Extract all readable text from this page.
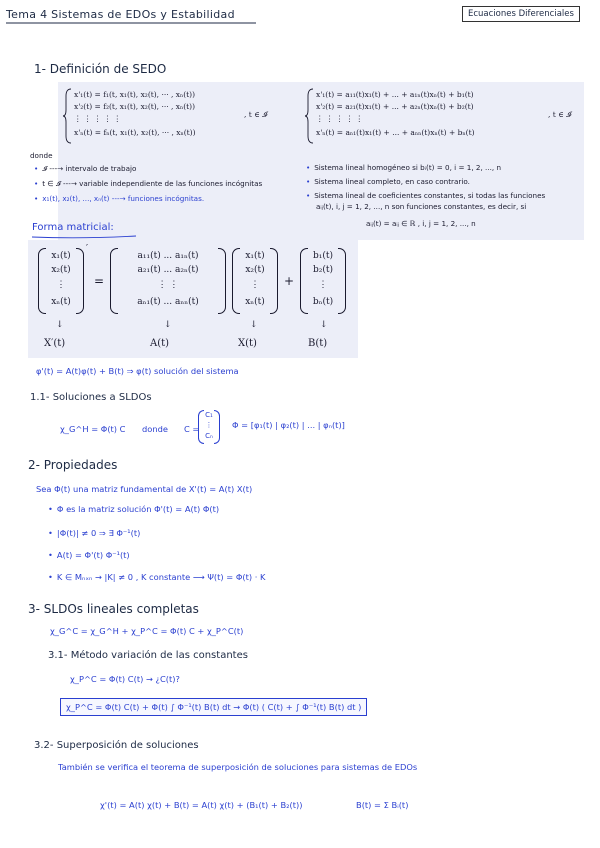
Tema 4 Sistemas de EDOs y Estabilidad	Ecuaciones Diferenciales
1- Definición de SEDO
x'₁(t) = f₁(t, x₁(t), x₂(t), ··· , xₙ(t))
x'₂(t) = f₂(t, x₁(t), x₂(t), ··· , xₙ(t))
⋮ ⋮ ⋮ ⋮ ⋮
x'ₙ(t) = fₙ(t, x₁(t), x₂(t), ··· , xₙ(t))
, t ∈ 𝓘
x'₁(t) = a₁₁(t)x₁(t) + ... + a₁ₙ(t)xₙ(t) + b₁(t)
x'₂(t) = a₂₁(t)x₁(t) + ... + a₂ₙ(t)xₙ(t) + b₂(t)
⋮ ⋮ ⋮ ⋮ ⋮
x'ₙ(t) = aₙ₁(t)x₁(t) + ... + aₙₙ(t)xₙ(t) + bₙ(t)
, t ∈ 𝓘
donde
• 𝓘 ---→ intervalo de trabajo
• t ∈ 𝓘 ---→ variable independiente de las funciones incógnitas
• x₁(t), x₂(t), ..., xₙ(t) ---→ funciones incógnitas.
• Sistema lineal homogéneo si bᵢ(t) = 0, i = 1, 2, ..., n
• Sistema lineal completo, en caso contrario.
• Sistema lineal de coeficientes constantes, si todas las funciones
aᵢⱼ(t), i, j = 1, 2, ..., n son funciones constantes, es decir, si
aᵢⱼ(t) = aᵢⱼ ∈ ℝ , i, j = 1, 2, ..., n
Forma matricial:
x₁(t)
x₂(t)
⋮
xₙ(t)
′
=
a₁₁(t) ... a₁ₙ(t)
a₂₁(t) ... a₂ₙ(t)
⋮ ⋮
aₙ₁(t) ... aₙₙ(t)
x₁(t)
x₂(t)
⋮
xₙ(t)
+
b₁(t)
b₂(t)
⋮
bₙ(t)
↓	↓	↓	↓
X′(t)	A(t)	X(t)	B(t)
φ'(t) = A(t)φ(t) + B(t) ⇒ φ(t) solución del sistema
1.1- Soluciones a SLDOs
χ_G^H = Φ(t) C donde C =
C₁
⋮
Cₙ
Φ = [φ₁(t) | φ₂(t) | ... | φₙ(t)]
2- Propiedades
Sea Φ(t) una matriz fundamental de X'(t) = A(t) X(t)
• Φ es la matriz solución Φ'(t) = A(t) Φ(t)
• |Φ(t)| ≠ 0 ⇒ ∃ Φ⁻¹(t)
• A(t) = Φ'(t) Φ⁻¹(t)
• K ∈ Mₙₓₙ → |K| ≠ 0 , K constante ⟶ Ψ(t) = Φ(t) · K
3- SLDOs lineales completas
χ_G^C = χ_G^H + χ_P^C = Φ(t) C + χ_P^C(t)
3.1- Método variación de las constantes
χ_P^C = Φ(t) C(t) → ¿C(t)?
χ_P^C = Φ(t) C(t) + Φ(t) ∫ Φ⁻¹(t) B(t) dt → Φ(t) ( C(t) + ∫ Φ⁻¹(t) B(t) dt )
3.2- Superposición de soluciones
También se verifica el teorema de superposición de soluciones para sistemas de EDOs
χ'(t) = A(t) χ(t) + B(t) = A(t) χ(t) + (B₁(t) + B₂(t))	B(t) = Σ Bᵢ(t)
